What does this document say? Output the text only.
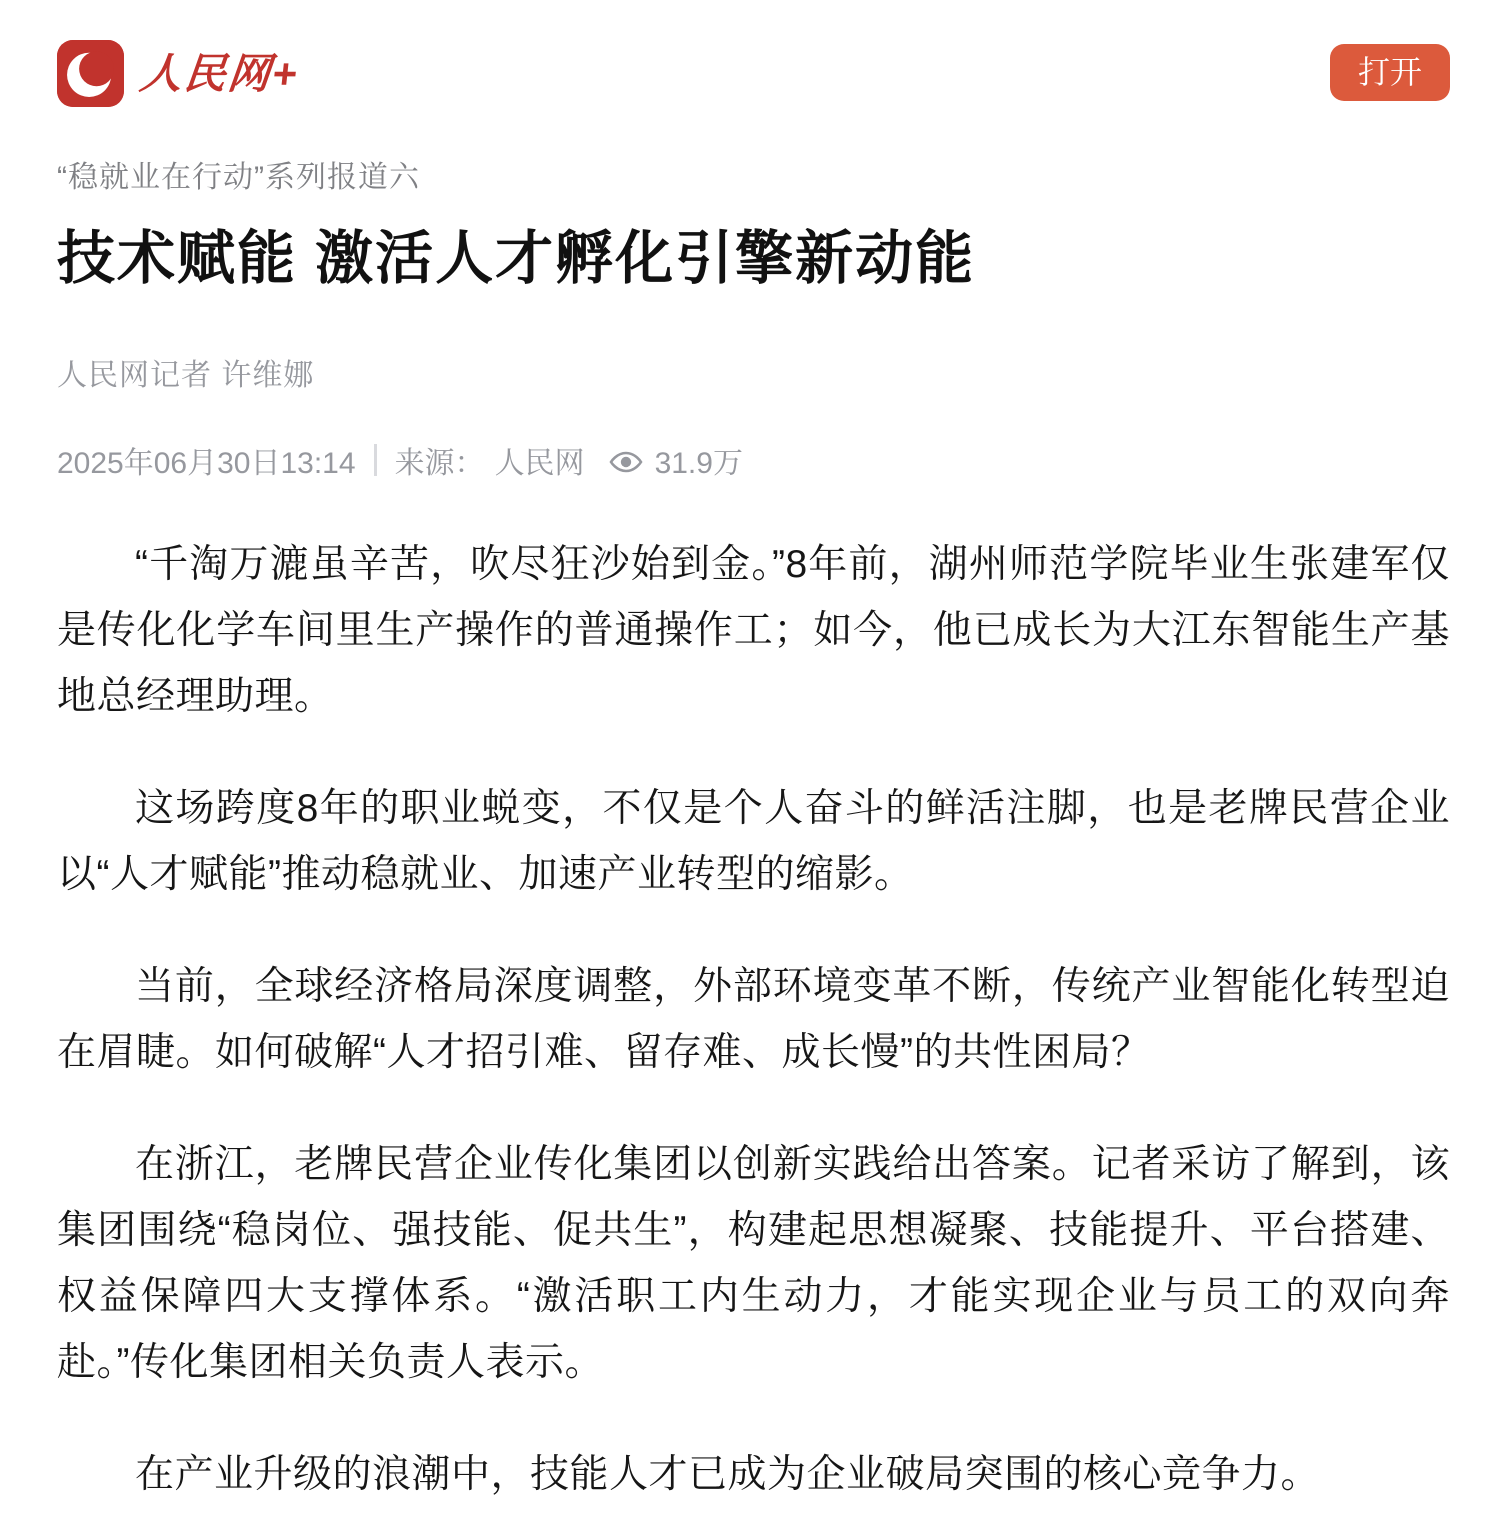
人民网+	打开
“稳就业在行动”系列报道六
技术赋能 激活人才孵化引擎新动能
人民网记者 许维娜
2025年06月30日13:14 来源： 人民网 31.9万

“千淘万漉虽辛苦，吹尽狂沙始到金。”8年前，湖州师范学院毕业生张建军仅是传化化学车间里生产操作的普通操作工；如今，他已成长为大江东智能生产基地总经理助理。

这场跨度8年的职业蜕变，不仅是个人奋斗的鲜活注脚，也是老牌民营企业以“人才赋能”推动稳就业、加速产业转型的缩影。

当前，全球经济格局深度调整，外部环境变革不断，传统产业智能化转型迫在眉睫。如何破解“人才招引难、留存难、成长慢”的共性困局？

在浙江，老牌民营企业传化集团以创新实践给出答案。记者采访了解到，该集团围绕“稳岗位、强技能、促共生”，构建起思想凝聚、技能提升、平台搭建、权益保障四大支撑体系。“激活职工内生动力，才能实现企业与员工的双向奔赴。”传化集团相关负责人表示。

在产业升级的浪潮中，技能人才已成为企业破局突围的核心竞争力。
